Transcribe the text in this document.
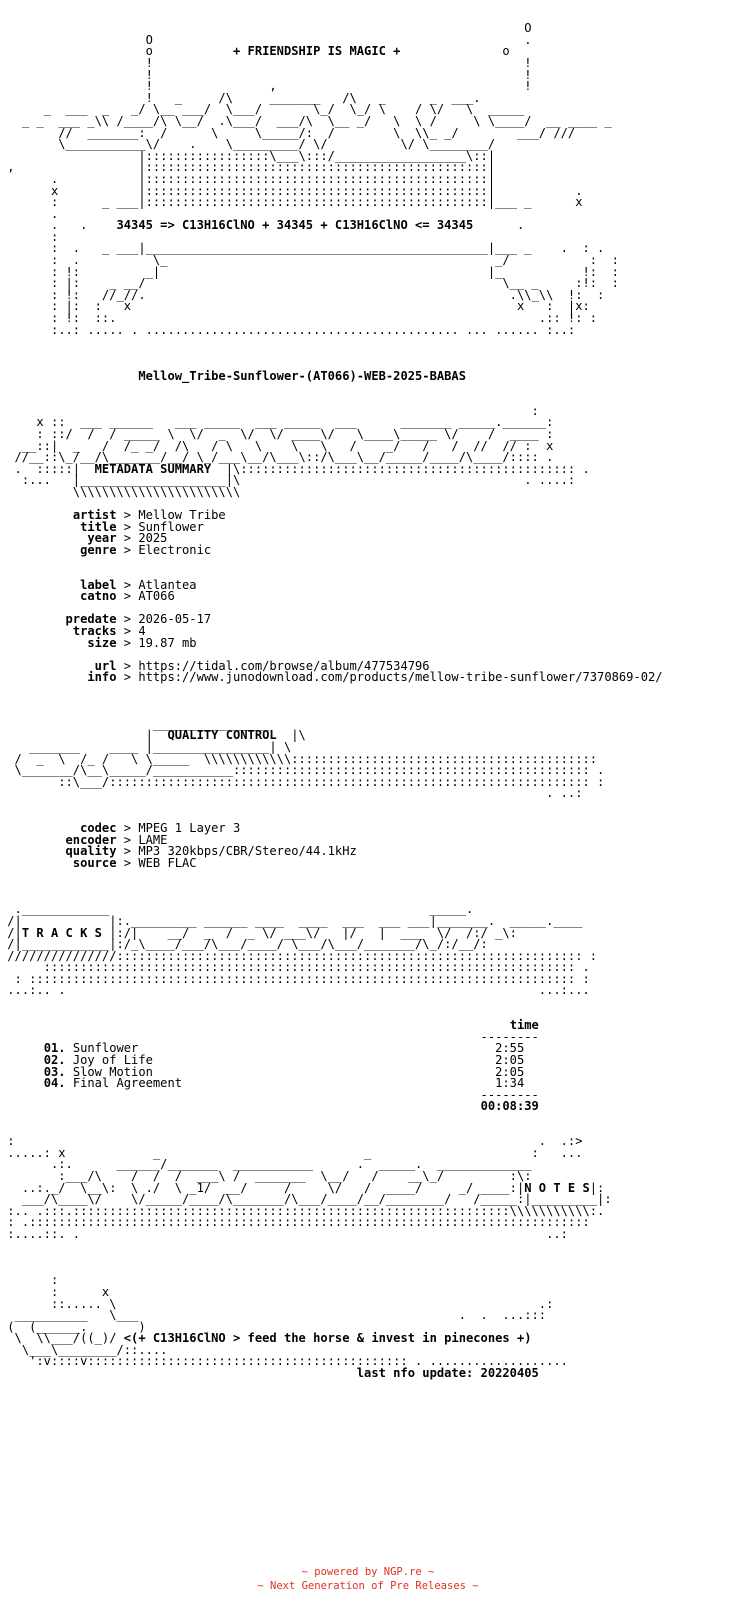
O
O                                                   .
o	+ FRIENDSHIP IS MAGIC +	o
!                                                   !
!                                                   !
!                ,                                  !
!   _     /\     _______   /\   _      _  ___.
_  ___  _   _/ \__ ___/  \___/       \_/  \_/ \    / \/   \  _____
_ _  ___ _\\ /____/\ \__/  .\___/  ___/\  \__ _/   \  \ /     \ \____/  __ ____ _
//  _______:  /      \     \_____/:  /        \  \\_ _/        ___/ ///
\___________\/    .    \_________/ \/          \/ \________/
|:::::::::::::::::\___\:::/__________________\::|
,                 |:::::::::::::::::::::::::::::::::::::::::::::::|
.           |:::::::::::::::::::::::::::::::::::::::::::::::|
x           |:::::::::::::::::::::::::::::::::::::::::::::::|           .
:      _ ___|:::::::::::::::::::::::::::::::::::::::::::::::|___ _      x
.
.   .    34345 => C13H16ClNO + 34345 + C13H16ClNO <= 34345	.
:
:  .   _ ___|_______________________________________________|___ _    .  : .
:  .          \_                                             _/           :  :
: !:         _|                                             |_           !:  :
: |:    _ __/                                                 \__ _     :!:  :
: !:   //_//.                                                  .\\_\\  !:  :
: |:  :   x                                                     x   :  |x:
: !:  ::.                                                          .:: !: :
:..: ..... . ........................................... ... ...... :..:

Mellow_Tribe-Sunflower-(AT066)-WEB-2025-BABAS

:
x ::  ___ ______   ___ _____  ___ _____  ___      _______ _____.______:
: ::/  /  / _____ \  \/  _  \/  \/ ____\/   \____\_____ \/    /  ____ :
__::|  _   /  /_ _/  /\   / \   \    \   \   /    _/   /   /  //  // :  x
//__::\_/__/\_______/__/ \_/___\__/\___\::/\___\__/_____/____/\____/:::: .
.  :::::|  METADATA SUMMARY  |\:::::::::::::::::::::::::::::::::::::::::::::: .
:...   |____________________|\                                       . ....:
\\\\\\\\\\\\\\\\\\\\\\\

artist > Mellow Tribe
title > Sunflower
year > 2025
genre > Electronic

label > Atlantea
catno > AT066

predate > 2026-05-17
tracks > 4
size > 19.87 mb

url > https://tidal.com/browse/album/477534796
info > https://www.junodownload.com/products/mellow-tribe-sunflower/7370869-02/

________________
|  QUALITY CONTROL  |\
_______    ____ |________________| \
/  _  \  /_ /   \ \_____  \\\\\\\\\\\\::::::::::::::::::::::::::::::::::::::::::
\_______/\__\_____/___________::::::::::::::::::::::::::::::::::::::::::::::::: .
::\___/:::::::::::::::::::::::::::::::::::::::::::::::::::::::::::::::::: :
. ..:

codec > MPEG 1 Layer 3
encoder > LAME
quality > MP3 320kbps/CBR/Stereo/44.1kHz
source > WEB FLAC

.____________                                            _____.
/|            |:._________ ______ ____  ____  ___  ___ ___|_______.  _____.____
/|T R A C K S |:/|    __/  _  /  _ \/ ___\/   |/   |  ___  \/  /:/ _\:
/|____________|:/_\____/___/\___/____/ \___/\___/_______/\_/:/__/:
///////////////:::::::::::::::::::::::::::::::::::::::::::::::::::::::::::::::: :
::::::::::::::::::::::::::::::::::::::::::::::::::::::::::::::::::::::::: .
: ::::::::::::::::::::::::::::::::::::::::::::::::::::::::::::::::::::::::::: :
...:.. .                                                                 ...:...

time
--------
01. Sunflower	2:55
02. Joy of Life	2:05
03. Slow Motion	2:05
04. Final Agreement	1:34
--------
00:08:39

:                                                                        .  .:>
.....: x            _                            _                      :   ...
.:.      ______/_______  ___________      .  _____.  _____________
:___/\    /  /  /  ___\ /  _______  \__/   /    __\_/         :\:
..:._/  \__\:  \ ./  \ _1/  __/     /     \/   /  ____/     _/ ____:|N O T E S|:
___/\____\/    \/_____/____/\_______/\___/____/__/________/   /_____:|_________|:
:.. .:::.::::::::::::::::::::::::::::::::::::::::::::::::::::::::::::\\\\\\\\\\\:.
: .:::::::::::::::::::::::::::::::::::::::::::::::::::::::::::::::::::::::::::::
:....::. .                                                                ..:

:
:      x
::..... \                                                          .:
__________   \___                                            .  .  ...:::
(  (______.       )
\  \\___/((_)/ <(+ C13H16ClNO > feed the horse & invest in pinecones +)
\___\________/::....
':v::::v:::::::::::::::::::::::::::::::::::::::::::: . ...................
last nfo update: 20220405

~ powered by NGP.re ~
~ Next Generation of Pre Releases ~
